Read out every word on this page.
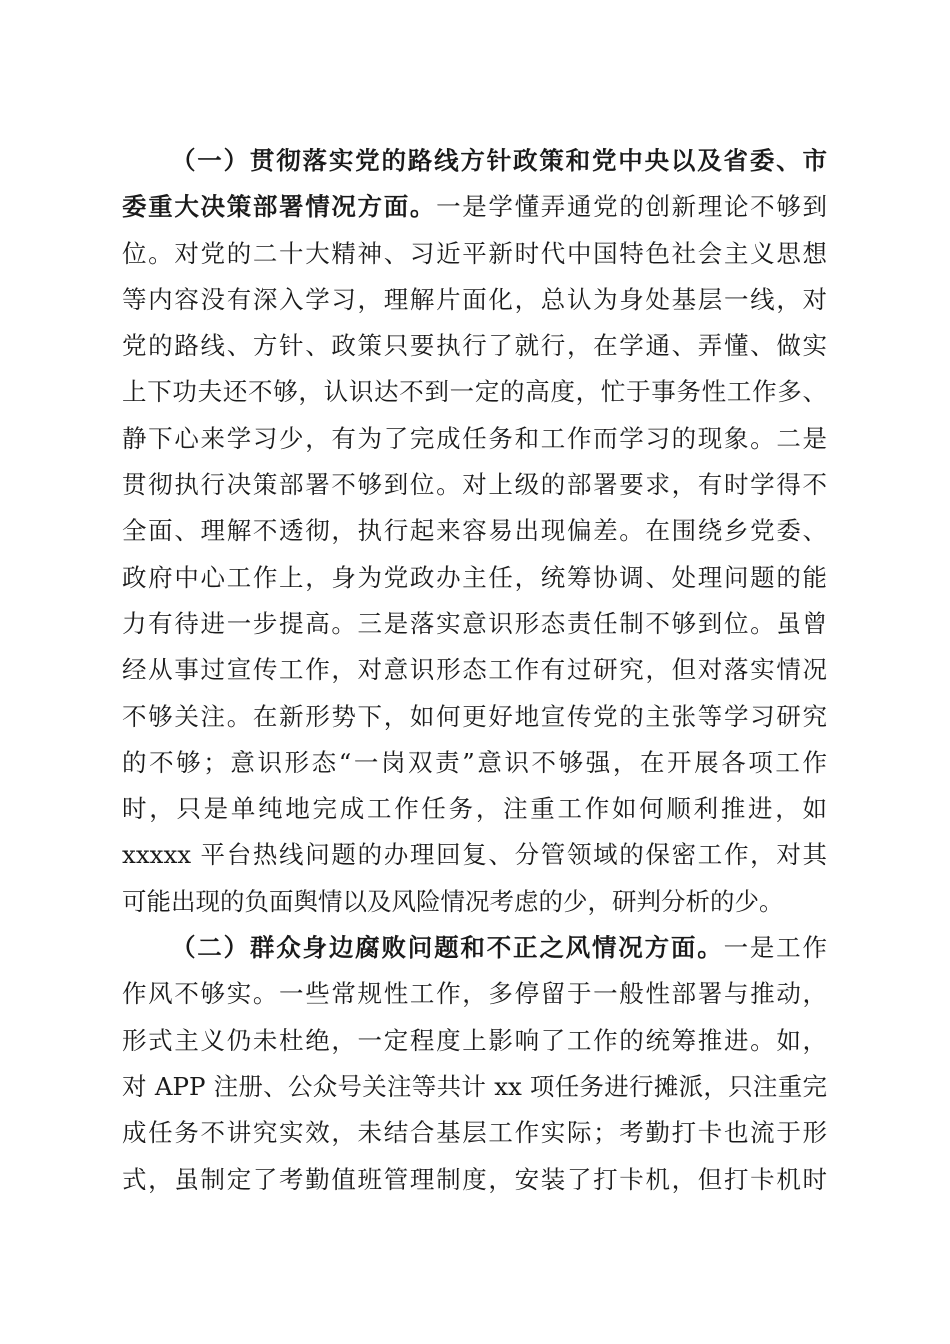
（一）贯彻落实党的路线方针政策和党中央以及省委、市
委重大决策部署情况方面。一是学懂弄通党的创新理论不够到
位。对党的二十大精神、习近平新时代中国特色社会主义思想
等内容没有深入学习，理解片面化，总认为身处基层一线，对
党的路线、方针、政策只要执行了就行，在学通、弄懂、做实
上下功夫还不够，认识达不到一定的高度，忙于事务性工作多、
静下心来学习少，有为了完成任务和工作而学习的现象。二是
贯彻执行决策部署不够到位。对上级的部署要求，有时学得不
全面、理解不透彻，执行起来容易出现偏差。在围绕乡党委、
政府中心工作上，身为党政办主任，统筹协调、处理问题的能
力有待进一步提高。三是落实意识形态责任制不够到位。虽曾
经从事过宣传工作，对意识形态工作有过研究，但对落实情况
不够关注。在新形势下，如何更好地宣传党的主张等学习研究
的不够；意识形态“一岗双责”意识不够强，在开展各项工作
时，只是单纯地完成工作任务，注重工作如何顺利推进，如
xxxxx 平台热线问题的办理回复、分管领域的保密工作，对其
可能出现的负面舆情以及风险情况考虑的少，研判分析的少。
（二）群众身边腐败问题和不正之风情况方面。一是工作
作风不够实。一些常规性工作，多停留于一般性部署与推动，
形式主义仍未杜绝，一定程度上影响了工作的统筹推进。如，
对 APP 注册、公众号关注等共计 xx 项任务进行摊派，只注重完
成任务不讲究实效，未结合基层工作实际；考勤打卡也流于形
式，虽制定了考勤值班管理制度，安装了打卡机，但打卡机时
